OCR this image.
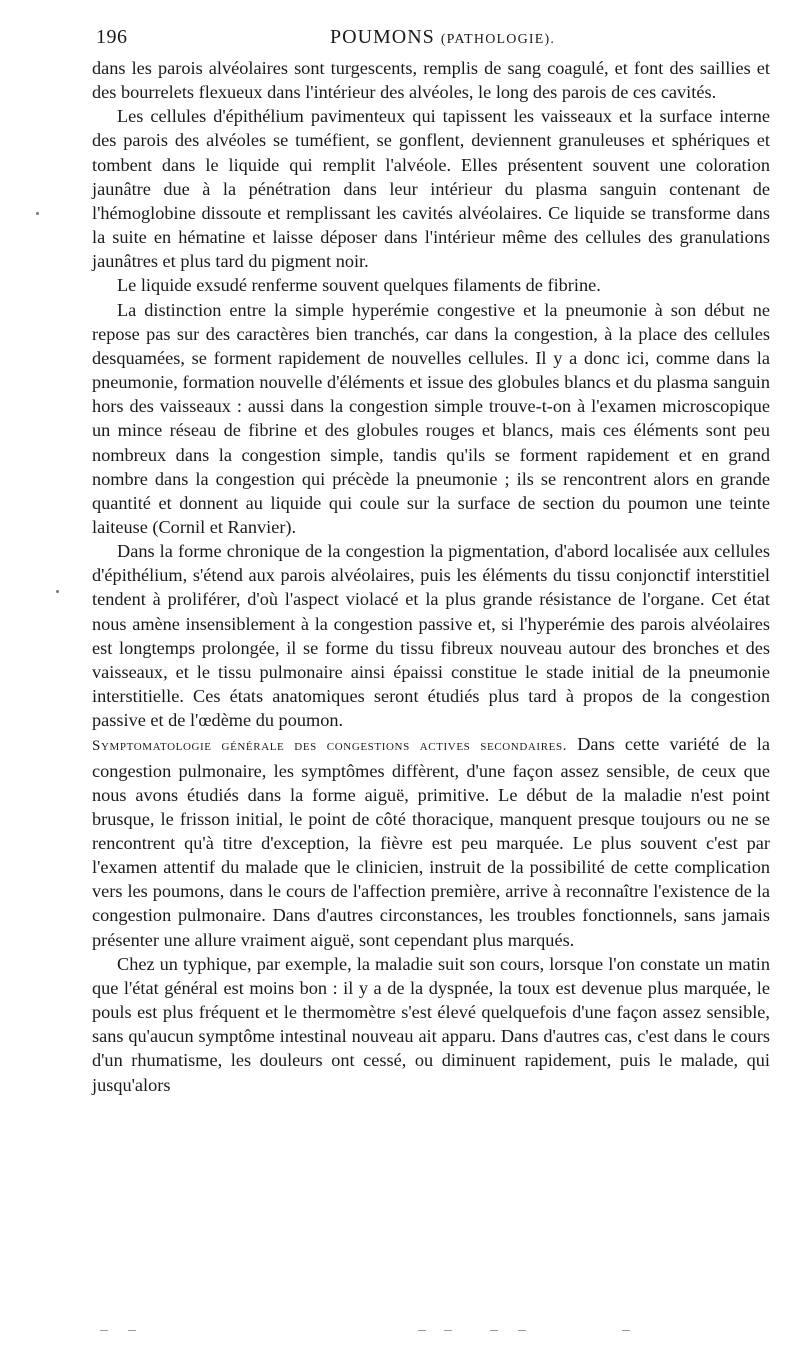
196	POUMONS (PATHOLOGIE).

dans les parois alvéolaires sont turgescents, remplis de sang coagulé, et font des saillies et des bourrelets flexueux dans l'intérieur des alvéoles, le long des parois de ces cavités.

Les cellules d'épithélium pavimenteux qui tapissent les vaisseaux et la surface interne des parois des alvéoles se tuméfient, se gonflent, deviennent granuleuses et sphériques et tombent dans le liquide qui remplit l'alvéole. Elles présentent souvent une coloration jaunâtre due à la pénétration dans leur intérieur du plasma sanguin contenant de l'hémoglobine dissoute et remplissant les cavités alvéolaires. Ce liquide se transforme dans la suite en hématine et laisse déposer dans l'intérieur même des cellules des granulations jaunâtres et plus tard du pigment noir.

Le liquide exsudé renferme souvent quelques filaments de fibrine.

La distinction entre la simple hyperémie congestive et la pneumonie à son début ne repose pas sur des caractères bien tranchés, car dans la congestion, à la place des cellules desquamées, se forment rapidement de nouvelles cellules. Il y a donc ici, comme dans la pneumonie, formation nouvelle d'éléments et issue des globules blancs et du plasma sanguin hors des vaisseaux : aussi dans la congestion simple trouve-t-on à l'examen microscopique un mince réseau de fibrine et des globules rouges et blancs, mais ces éléments sont peu nombreux dans la congestion simple, tandis qu'ils se forment rapidement et en grand nombre dans la congestion qui précède la pneumonie ; ils se rencontrent alors en grande quantité et donnent au liquide qui coule sur la surface de section du poumon une teinte laiteuse (Cornil et Ranvier).

Dans la forme chronique de la congestion la pigmentation, d'abord localisée aux cellules d'épithélium, s'étend aux parois alvéolaires, puis les éléments du tissu conjonctif interstitiel tendent à proliférer, d'où l'aspect violacé et la plus grande résistance de l'organe. Cet état nous amène insensiblement à la congestion passive et, si l'hyperémie des parois alvéolaires est longtemps prolongée, il se forme du tissu fibreux nouveau autour des bronches et des vaisseaux, et le tissu pulmonaire ainsi épaissi constitue le stade initial de la pneumonie interstitielle. Ces états anatomiques seront étudiés plus tard à propos de la congestion passive et de l'œdème du poumon.

Symptomatologie générale des congestions actives secondaires. Dans cette variété de la congestion pulmonaire, les symptômes diffèrent, d'une façon assez sensible, de ceux que nous avons étudiés dans la forme aiguë, primitive. Le début de la maladie n'est point brusque, le frisson initial, le point de côté thoracique, manquent presque toujours ou ne se rencontrent qu'à titre d'exception, la fièvre est peu marquée. Le plus souvent c'est par l'examen attentif du malade que le clinicien, instruit de la possibilité de cette complication vers les poumons, dans le cours de l'affection première, arrive à reconnaître l'existence de la congestion pulmonaire. Dans d'autres circonstances, les troubles fonctionnels, sans jamais présenter une allure vraiment aiguë, sont cependant plus marqués.

Chez un typhique, par exemple, la maladie suit son cours, lorsque l'on constate un matin que l'état général est moins bon : il y a de la dyspnée, la toux est devenue plus marquée, le pouls est plus fréquent et le thermomètre s'est élevé quelquefois d'une façon assez sensible, sans qu'aucun symptôme intestinal nouveau ait apparu. Dans d'autres cas, c'est dans le cours d'un rhumatisme, les douleurs ont cessé, ou diminuent rapidement, puis le malade, qui jusqu'alors
